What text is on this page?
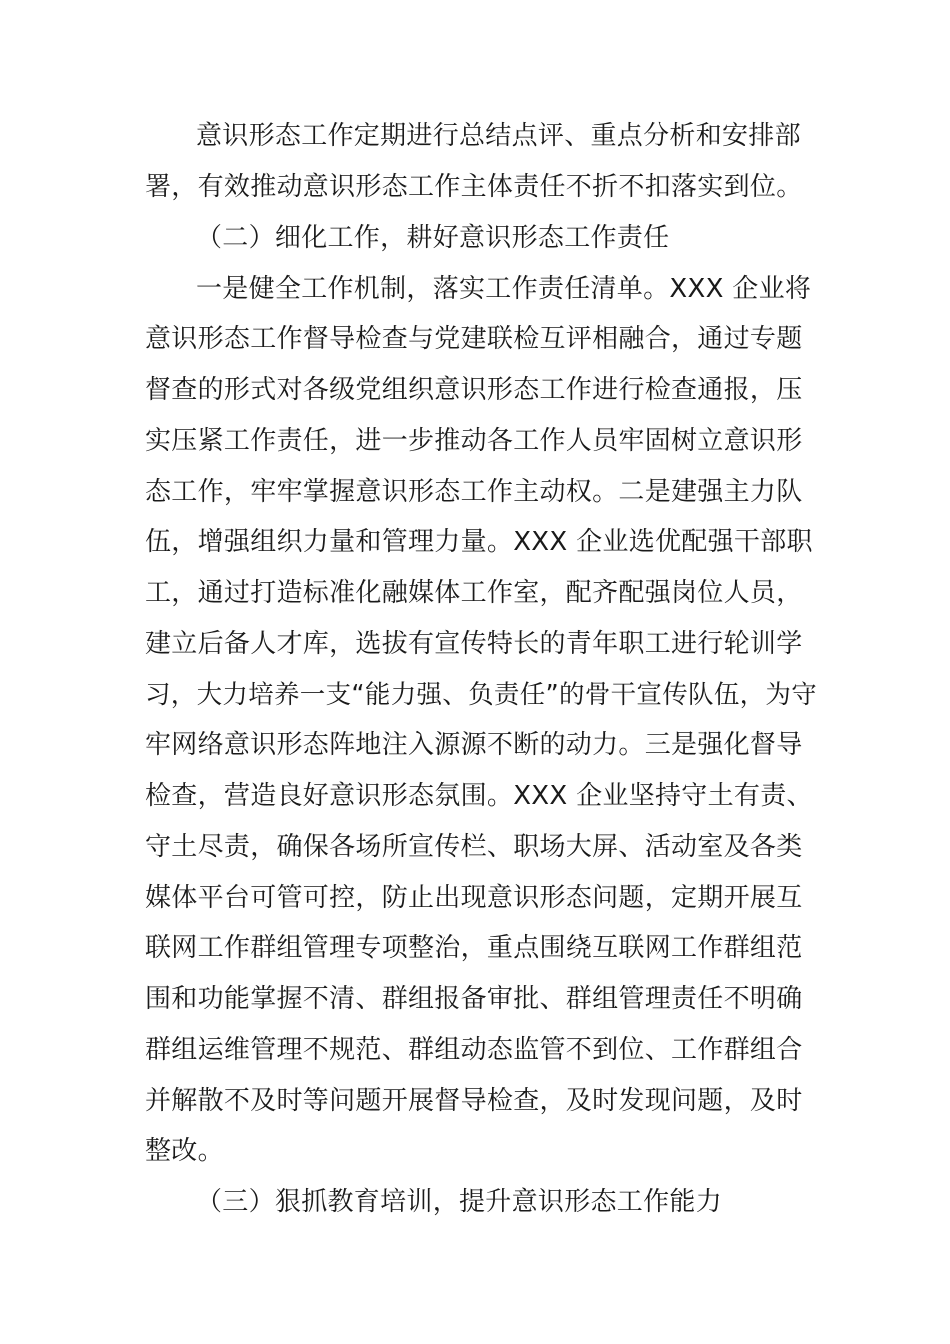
意识形态工作定期进行总结点评、重点分析和安排部
署，有效推动意识形态工作主体责任不折不扣落实到位。
（二）细化工作，耕好意识形态工作责任
一是健全工作机制，落实工作责任清单。XXX 企业将
意识形态工作督导检查与党建联检互评相融合，通过专题
督查的形式对各级党组织意识形态工作进行检查通报，压
实压紧工作责任，进一步推动各工作人员牢固树立意识形
态工作，牢牢掌握意识形态工作主动权。二是建强主力队
伍，增强组织力量和管理力量。XXX 企业选优配强干部职
工，通过打造标准化融媒体工作室，配齐配强岗位人员，
建立后备人才库，选拔有宣传特长的青年职工进行轮训学
习，大力培养一支“能力强、负责任”的骨干宣传队伍，为守
牢网络意识形态阵地注入源源不断的动力。三是强化督导
检查，营造良好意识形态氛围。XXX 企业坚持守土有责、
守土尽责，确保各场所宣传栏、职场大屏、活动室及各类
媒体平台可管可控，防止出现意识形态问题，定期开展互
联网工作群组管理专项整治，重点围绕互联网工作群组范
围和功能掌握不清、群组报备审批、群组管理责任不明确
群组运维管理不规范、群组动态监管不到位、工作群组合
并解散不及时等问题开展督导检查，及时发现问题，及时
整改。
（三）狠抓教育培训，提升意识形态工作能力
